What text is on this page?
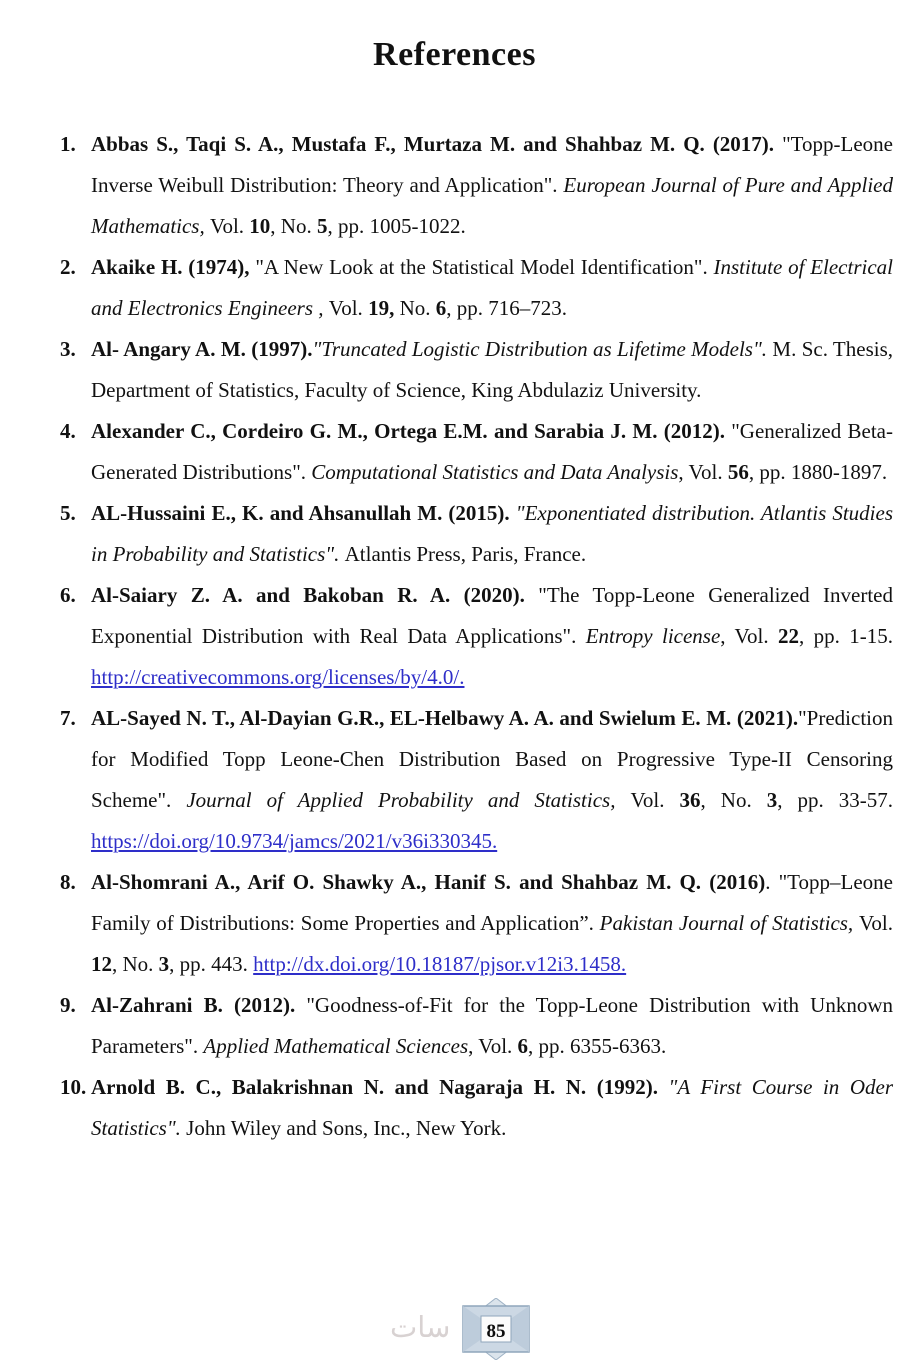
References
1. Abbas S., Taqi S. A., Mustafa F., Murtaza M. and Shahbaz M. Q. (2017). "Topp-Leone Inverse Weibull Distribution: Theory and Application". European Journal of Pure and Applied Mathematics, Vol. 10, No. 5, pp. 1005-1022.
2. Akaike H. (1974), "A New Look at the Statistical Model Identification". Institute of Electrical and Electronics Engineers , Vol. 19, No. 6, pp. 716–723.
3. Al- Angary A. M. (1997)."Truncated Logistic Distribution as Lifetime Models". M. Sc. Thesis, Department of Statistics, Faculty of Science, King Abdulaziz University.
4. Alexander C., Cordeiro G. M., Ortega E.M. and Sarabia J. M. (2012). "Generalized Beta-Generated Distributions". Computational Statistics and Data Analysis, Vol. 56, pp. 1880-1897.
5. AL-Hussaini E., K. and Ahsanullah M. (2015). "Exponentiated distribution. Atlantis Studies in Probability and Statistics". Atlantis Press, Paris, France.
6. Al-Saiary Z. A. and Bakoban R. A. (2020). "The Topp-Leone Generalized Inverted Exponential Distribution with Real Data Applications". Entropy license, Vol. 22, pp. 1-15. http://creativecommons.org/licenses/by/4.0/.
7. AL-Sayed N. T., Al-Dayian G.R., EL-Helbawy A. A. and Swielum E. M. (2021)."Prediction for Modified Topp Leone-Chen Distribution Based on Progressive Type-II Censoring Scheme". Journal of Applied Probability and Statistics, Vol. 36, No. 3, pp. 33-57. https://doi.org/10.9734/jamcs/2021/v36i330345.
8. Al-Shomrani A., Arif O. Shawky A., Hanif S. and Shahbaz M. Q. (2016). "Topp–Leone Family of Distributions: Some Properties and Application”. Pakistan Journal of Statistics, Vol. 12, No. 3, pp. 443. http://dx.doi.org/10.18187/pjsor.v12i3.1458.
9. Al-Zahrani B. (2012). "Goodness-of-Fit for the Topp-Leone Distribution with Unknown Parameters". Applied Mathematical Sciences, Vol. 6, pp. 6355-6363.
10. Arnold B. C., Balakrishnan N. and Nagaraja H. N. (1992). "A First Course in Oder Statistics". John Wiley and Sons, Inc., New York.
سات 85
